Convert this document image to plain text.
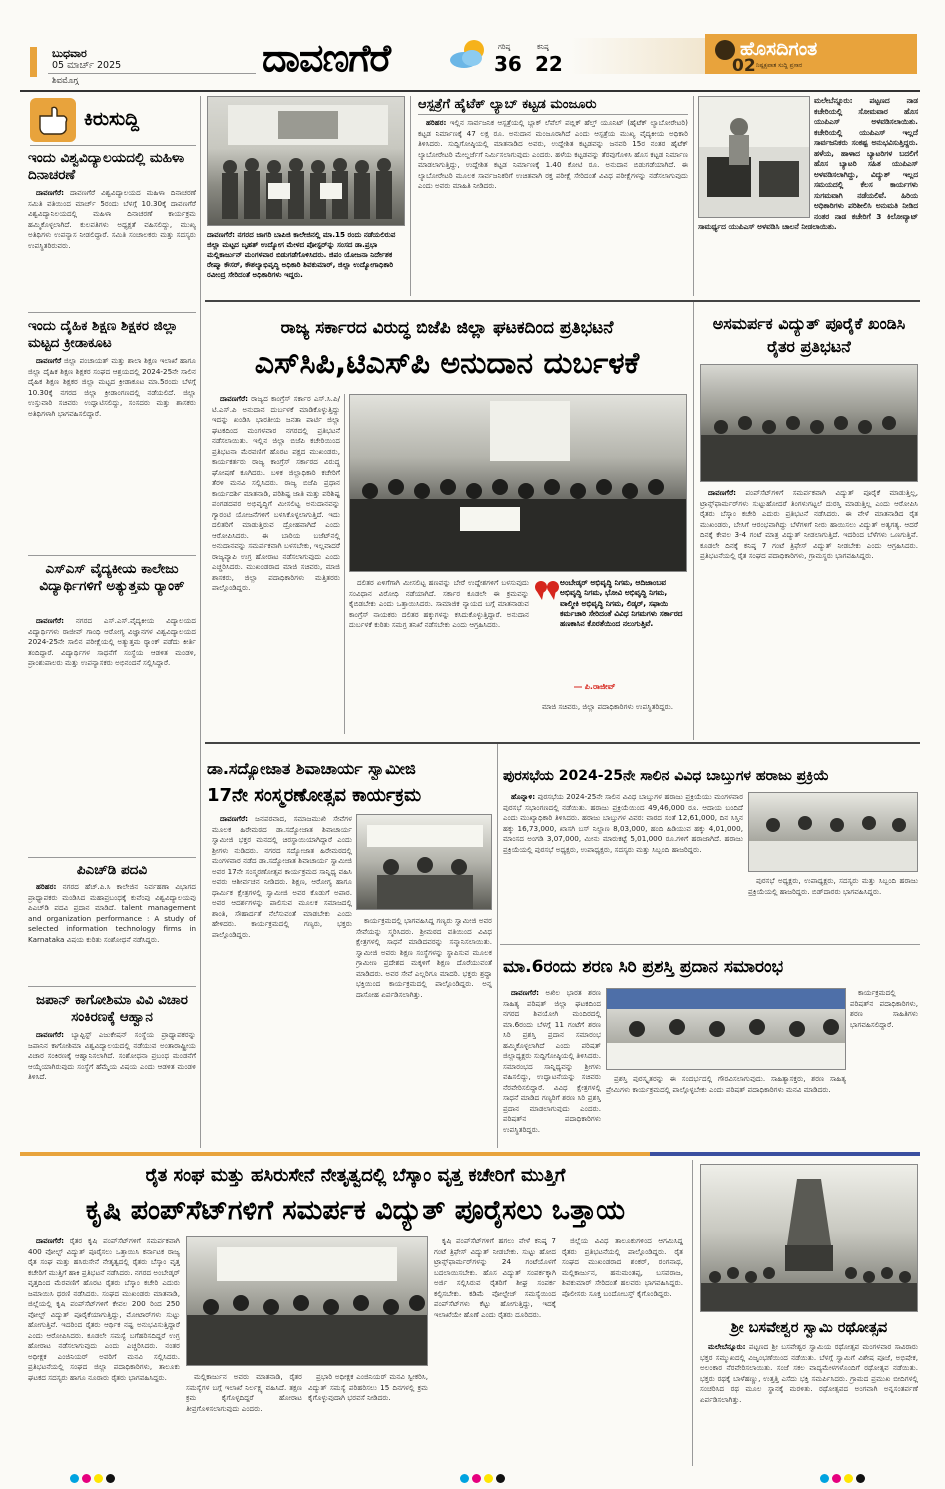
ಬುಧವಾರ
05 ಮಾರ್ಚ್ 2025
ಶಿವಮೊಗ್ಗ
ದಾವಣಗೆರೆ	ಗರಿಷ್ಠ
36
ಕನಿಷ್ಠ
22
ಹೊಸದಿಗಂತ
ನಿಷ್ಪಕ್ಷಪಾತ ಸುದ್ದಿ ಪ್ರಸಾರ
02
ಕಿರುಸುದ್ದಿ
ಇಂದು ವಿಶ್ವವಿದ್ಯಾಲಯದಲ್ಲಿ ಮಹಿಳಾ ದಿನಾಚರಣೆ

ದಾವಣಗೆರೆ: ದಾವಣಗೆರೆ ವಿಶ್ವವಿದ್ಯಾಲಯದ ಮಹಿಳಾ ದಿನಾಚರಣೆ ಸಮಿತಿ ವತಿಯಿಂದ ಮಾರ್ಚ್ 5ರಂದು ಬೆಳಗ್ಗೆ 10.30ಕ್ಕೆ ದಾವಣಗೆರೆ ವಿಶ್ವವಿದ್ಯಾನಿಲಯದಲ್ಲಿ ಮಹಿಳಾ ದಿನಾಚರಣೆ ಕಾರ್ಯಕ್ರಮ ಹಮ್ಮಿಕೊಳ್ಳಲಾಗಿದೆ. ಕುಲಪತಿಗಳು ಅಧ್ಯಕ್ಷತೆ ವಹಿಸಲಿದ್ದು, ಮುಖ್ಯ ಅತಿಥಿಗಳು ಉಪನ್ಯಾಸ ನೀಡಲಿದ್ದಾರೆ. ಸಮಿತಿ ಸಂಚಾಲಕರು ಮತ್ತು ಸದಸ್ಯರು ಉಪಸ್ಥಿತರಿರುವರು.

ಇಂದು ದೈಹಿಕ ಶಿಕ್ಷಣ ಶಿಕ್ಷಕರ ಜಿಲ್ಲಾ ಮಟ್ಟದ ಕ್ರೀಡಾಕೂಟ

ದಾವಣಗೆರೆ ಜಿಲ್ಲಾ ಪಂಚಾಯತ್ ಮತ್ತು ಶಾಲಾ ಶಿಕ್ಷಣ ಇಲಾಖೆ ಹಾಗೂ ಜಿಲ್ಲಾ ದೈಹಿಕ ಶಿಕ್ಷಣ ಶಿಕ್ಷಕರ ಸಂಘದ ಆಶ್ರಯದಲ್ಲಿ 2024-25ನೇ ಸಾಲಿನ ದೈಹಿಕ ಶಿಕ್ಷಣ ಶಿಕ್ಷಕರ ಜಿಲ್ಲಾ ಮಟ್ಟದ ಕ್ರೀಡಾಕೂಟ ಮಾ.5ರಂದು ಬೆಳಗ್ಗೆ 10.30ಕ್ಕೆ ನಗರದ ಜಿಲ್ಲಾ ಕ್ರೀಡಾಂಗಣದಲ್ಲಿ ನಡೆಯಲಿದೆ. ಜಿಲ್ಲಾ ಉಸ್ತುವಾರಿ ಸಚಿವರು ಉದ್ಘಾಟಿಸಲಿದ್ದು, ಸಂಸದರು ಮತ್ತು ಶಾಸಕರು ಅತಿಥಿಗಳಾಗಿ ಭಾಗವಹಿಸಲಿದ್ದಾರೆ.

ಎಸ್‌ಎಸ್ ವೈದ್ಯಕೀಯ ಕಾಲೇಜು ವಿದ್ಯಾರ್ಥಿಗಳಿಗೆ ಅತ್ಯುತ್ತಮ ರ್‍ಯಾಂಕ್

ದಾವಣಗೆರೆ: ನಗರದ ಎಸ್.ಎಸ್.ವೈದ್ಯಕೀಯ ವಿದ್ಯಾಲಯದ ವಿದ್ಯಾರ್ಥಿಗಳು ರಾಜೀವ್ ಗಾಂಧಿ ಆರೋಗ್ಯ ವಿಜ್ಞಾನಗಳ ವಿಶ್ವವಿದ್ಯಾಲಯದ 2024-25ನೇ ಸಾಲಿನ ಪರೀಕ್ಷೆಯಲ್ಲಿ ಅತ್ಯುತ್ತಮ ರ್‍ಯಾಂಕ್ ಪಡೆದು ಕೀರ್ತಿ ತಂದಿದ್ದಾರೆ. ವಿದ್ಯಾರ್ಥಿಗಳ ಸಾಧನೆಗೆ ಸಂಸ್ಥೆಯ ಆಡಳಿತ ಮಂಡಳಿ, ಪ್ರಾಂಶುಪಾಲರು ಮತ್ತು ಉಪನ್ಯಾಸಕರು ಅಭಿನಂದನೆ ಸಲ್ಲಿಸಿದ್ದಾರೆ.

ಪಿಎಚ್‌ಡಿ ಪದವಿ

ಹರಿಹರ: ನಗರದ ಹೆಚ್.ಪಿ.ಸಿ ಕಾಲೇಜಿನ ನಿರ್ವಹಣಾ ವಿಭಾಗದ ಪ್ರಾಧ್ಯಾಪಕರು ಮಂಡಿಸಿದ ಮಹಾಪ್ರಬಂಧಕ್ಕೆ ಕುವೆಂಪು ವಿಶ್ವವಿದ್ಯಾಲಯವು ಪಿಎಚ್‌ಡಿ ಪದವಿ ಪ್ರದಾನ ಮಾಡಿದೆ. talent management and organization performance : A study of selected information technology firms in Karnataka ವಿಷಯ ಕುರಿತು ಸಂಶೋಧನೆ ನಡೆಸಿದ್ದರು.

ಜಪಾನ್ ಕಾಗೋಶಿಮಾ ವಿವಿ ವಿಚಾರ ಸಂಕಿರಣಕ್ಕೆ ಆಹ್ವಾನ

ದಾವಣಗೆರೆ: ಬ್ಯಾಪ್ಟಿಸ್ಟ್ ಎಜುಕೇಷನ್ ಸಂಸ್ಥೆಯ ಪ್ರಾಧ್ಯಾಪಕರನ್ನು ಜಪಾನಿನ ಕಾಗೋಶಿಮಾ ವಿಶ್ವವಿದ್ಯಾಲಯದಲ್ಲಿ ನಡೆಯುವ ಅಂತಾರಾಷ್ಟ್ರೀಯ ವಿಚಾರ ಸಂಕಿರಣಕ್ಕೆ ಆಹ್ವಾನಿಸಲಾಗಿದೆ. ಸಂಶೋಧನಾ ಪ್ರಬಂಧ ಮಂಡನೆಗೆ ಆಯ್ಕೆಯಾಗಿರುವುದು ಸಂಸ್ಥೆಗೆ ಹೆಮ್ಮೆಯ ವಿಷಯ ಎಂದು ಆಡಳಿತ ಮಂಡಳಿ ತಿಳಿಸಿದೆ.

ದಾವಣಗೆರೆ: ನಗರದ ಜಾಗರಿ ಬಾಪಿಜಿ ಕಾಲೇಜಿನಲ್ಲಿ ಮಾ.15 ರಂದು ನಡೆಯಲಿರುವ ಜಿಲ್ಲಾ ಮಟ್ಟದ ಬೃಹತ್ ಉದ್ಯೋಗ ಮೇಳದ ಪೋಸ್ಟರ್‌ನ್ನು ಸಂಸದ ಡಾ.ಪ್ರಭಾ ಮಲ್ಲಿಕಾರ್ಜುನ್ ಮಂಗಳವಾರ ಬಿಡುಗಡೆಗೊಳಿಸಿದರು. ಜಿಪಂ ಯೋಜನಾ ನಿರ್ದೇಶಕ ರೇಷ್ಮಾ ಕೌಸರ್, ಕೌಶಲ್ಯಾಭಿವೃದ್ಧಿ ಅಧಿಕಾರಿ ಶಿವಕುಮಾರ್, ಜಿಲ್ಲಾ ಉದ್ಯೋಗಾಧಿಕಾರಿ ರವೀಂದ್ರ ಸೇರಿದಂತೆ ಅಧಿಕಾರಿಗಳು ಇದ್ದರು.
ಆಸ್ಪತ್ರೆಗೆ ಹೈಟೆಕ್ ಲ್ಯಾಬ್ ಕಟ್ಟಡ ಮಂಜೂರು

ಹರಿಹರ: ಇಲ್ಲಿನ ಸಾರ್ವಜನಿಕ ಆಸ್ಪತ್ರೆಯಲ್ಲಿ ಬ್ಲಾಕ್ ಲೆವೆಲ್ ಪಬ್ಲಿಕ್ ಹೆಲ್ತ್ ಯೂನಿಟ್ (ಹೈಟೆಕ್ ಲ್ಯಾಬೋರೇಟರಿ) ಕಟ್ಟಡ ನಿರ್ಮಾಣಕ್ಕೆ 47 ಲಕ್ಷ ರೂ. ಅನುದಾನ ಮಂಜೂರಾಗಿದೆ ಎಂದು ಆಸ್ಪತ್ರೆಯ ಮುಖ್ಯ ವೈದ್ಯಕೀಯ ಅಧಿಕಾರಿ ತಿಳಿಸಿದರು. ಸುದ್ದಿಗೋಷ್ಠಿಯಲ್ಲಿ ಮಾತನಾಡಿದ ಅವರು, ಉದ್ದೇಶಿತ ಕಟ್ಟಡವನ್ನು ಜನವರಿ 15ರ ನಂತರ ಹೈಟೆಕ್ ಲ್ಯಾಬೋರೇಟರಿ ಮೇಲ್ದರ್ಜೆಗೆ ನಿರ್ಮಿಸಲಾಗುವುದು ಎಂದರು. ಹಳೆಯ ಕಟ್ಟಡವನ್ನು ತೆರವುಗೊಳಿಸಿ ಹೊಸ ಕಟ್ಟಡ ನಿರ್ಮಾಣ ಮಾಡಲಾಗುತ್ತಿದ್ದು, ಉದ್ದೇಶಿತ ಕಟ್ಟಡ ನಿರ್ಮಾಣಕ್ಕೆ 1.40 ಕೋಟಿ ರೂ. ಅನುದಾನ ಬಿಡುಗಡೆಯಾಗಿದೆ. ಈ ಲ್ಯಾಬೋರೇಟರಿ ಮೂಲಕ ಸಾರ್ವಜನಿಕರಿಗೆ ಉಚಿತವಾಗಿ ರಕ್ತ ಪರೀಕ್ಷೆ ಸೇರಿದಂತೆ ವಿವಿಧ ಪರೀಕ್ಷೆಗಳನ್ನು ನಡೆಸಲಾಗುವುದು ಎಂದು ಅವರು ಮಾಹಿತಿ ನೀಡಿದರು.

ಮಲೇಬೆನ್ನೂರು: ಪಟ್ಟಣದ ನಾಡ ಕಚೇರಿಯಲ್ಲಿ ಸೋಮವಾರ ಹೊಸ ಯುಪಿಎಸ್ ಅಳವಡಿಸಲಾಯಿತು. ಕಚೇರಿಯಲ್ಲಿ ಯುಪಿಎಸ್ ಇಲ್ಲದೆ ಸಾರ್ವಜನಿಕರು ಸಂಕಷ್ಟ ಅನುಭವಿಸುತ್ತಿದ್ದರು. ಹಳೆಯ, ಹಾಳಾದ ಬ್ಯಾಟರಿಗಳ ಬದಲಿಗೆ ಹೊಸ ಬ್ಯಾಟರಿ ಸಹಿತ ಯುಪಿಎಸ್ ಅಳವಡಿಸಲಾಗಿದ್ದು, ವಿದ್ಯುತ್ ಇಲ್ಲದ ಸಮಯದಲ್ಲಿ ಕೆಲಸ ಕಾರ್ಯಗಳು ಸುಗಮವಾಗಿ ನಡೆಯಲಿವೆ. ಹಿರಿಯ ಅಧಿಕಾರಿಗಳು ಪರಿಶೀಲಿಸಿ ಅನುಮತಿ ನೀಡಿದ ನಂತರ ನಾಡ ಕಚೇರಿಗೆ 3 ಕಿಲೋವ್ಯಾಟ್ ಸಾಮರ್ಥ್ಯದ ಯುಪಿಎಸ್ ಅಳವಡಿಸಿ ಚಾಲನೆ ನೀಡಲಾಯಿತು.
ರಾಜ್ಯ ಸರ್ಕಾರದ ವಿರುದ್ಧ ಬಿಜೆಪಿ ಜಿಲ್ಲಾ ಘಟಕದಿಂದ ಪ್ರತಿಭಟನೆ
ಎಸ್‌ಸಿಪಿ,ಟಿಎಸ್‌ಪಿ ಅನುದಾನ ದುರ್ಬಳಕೆ

ದಾವಣಗೆರೆ: ರಾಜ್ಯದ ಕಾಂಗ್ರೆಸ್ ಸರ್ಕಾರ ಎಸ್.ಸಿ.ಪಿ/ಟಿ.ಎಸ್.ಪಿ ಅನುದಾನ ದುರ್ಬಳಕೆ ಮಾಡಿಕೊಳ್ಳುತ್ತಿದ್ದು ಇದನ್ನು ಖಂಡಿಸಿ ಭಾರತೀಯ ಜನತಾ ಪಾರ್ಟಿ ಜಿಲ್ಲಾ ಘಟಕದಿಂದ ಮಂಗಳವಾರ ನಗರದಲ್ಲಿ ಪ್ರತಿಭಟನೆ ನಡೆಸಲಾಯಿತು. ಇಲ್ಲಿನ ಜಿಲ್ಲಾ ಬಿಜೆಪಿ ಕಚೇರಿಯಿಂದ ಪ್ರತಿಭಟನಾ ಮೆರವಣಿಗೆ ಹೊರಟ ಪಕ್ಷದ ಮುಖಂಡರು, ಕಾರ್ಯಕರ್ತರು ರಾಜ್ಯ ಕಾಂಗ್ರೆಸ್ ಸರ್ಕಾರದ ವಿರುದ್ಧ ಘೋಷಣೆ ಕೂಗಿದರು. ಬಳಿಕ ಜಿಲ್ಲಾಧಿಕಾರಿ ಕಚೇರಿಗೆ ತೆರಳಿ ಮನವಿ ಸಲ್ಲಿಸಿದರು. ರಾಜ್ಯ ಬಿಜೆಪಿ ಪ್ರಧಾನ ಕಾರ್ಯದರ್ಶಿ ಮಾತನಾಡಿ, ಪರಿಶಿಷ್ಟ ಜಾತಿ ಮತ್ತು ಪರಿಶಿಷ್ಟ ಪಂಗಡದವರ ಅಭಿವೃದ್ಧಿಗೆ ಮೀಸಲಿಟ್ಟ ಅನುದಾನವನ್ನು ಗ್ಯಾರಂಟಿ ಯೋಜನೆಗಳಿಗೆ ಬಳಸಿಕೊಳ್ಳಲಾಗುತ್ತಿದೆ. ಇದು ದಲಿತರಿಗೆ ಮಾಡುತ್ತಿರುವ ದ್ರೋಹವಾಗಿದೆ ಎಂದು ಆರೋಪಿಸಿದರು. ಈ ಬಾರಿಯ ಬಜೆಟ್‌ನಲ್ಲಿ ಅನುದಾನವನ್ನು ಸಮರ್ಪಕವಾಗಿ ಬಳಸಬೇಕು, ಇಲ್ಲವಾದರೆ ರಾಜ್ಯವ್ಯಾಪಿ ಉಗ್ರ ಹೋರಾಟ ನಡೆಸಲಾಗುವುದು ಎಂದು ಎಚ್ಚರಿಸಿದರು. ಮುಖಂಡರಾದ ಮಾಜಿ ಸಚಿವರು, ಮಾಜಿ ಶಾಸಕರು, ಜಿಲ್ಲಾ ಪದಾಧಿಕಾರಿಗಳು ಮತ್ತಿತರರು ಪಾಲ್ಗೊಂಡಿದ್ದರು.

ದಲಿತರ ಏಳಿಗೆಗಾಗಿ ಮೀಸಲಿಟ್ಟ ಹಣವನ್ನು ಬೇರೆ ಉದ್ದೇಶಗಳಿಗೆ ಬಳಸುವುದು ಸಂವಿಧಾನ ವಿರೋಧಿ ನಡೆಯಾಗಿದೆ. ಸರ್ಕಾರ ಕೂಡಲೇ ಈ ಕ್ರಮವನ್ನು ಕೈಬಿಡಬೇಕು ಎಂದು ಒತ್ತಾಯಿಸಿದರು. ಸಾಮಾಜಿಕ ನ್ಯಾಯದ ಬಗ್ಗೆ ಮಾತನಾಡುವ ಕಾಂಗ್ರೆಸ್ ನಾಯಕರು ದಲಿತರ ಹಕ್ಕುಗಳನ್ನು ಕಸಿದುಕೊಳ್ಳುತ್ತಿದ್ದಾರೆ. ಅನುದಾನ ದುರ್ಬಳಕೆ ಕುರಿತು ಸಮಗ್ರ ತನಿಖೆ ನಡೆಸಬೇಕು ಎಂದು ಆಗ್ರಹಿಸಿದರು.

ಅಂಬೇಡ್ಕರ್ ಅಭಿವೃದ್ಧಿ ನಿಗಮ, ಆದಿಜಾಂಬವ ಅಭಿವೃದ್ಧಿ ನಿಗಮ, ಭೋವಿ ಅಭಿವೃದ್ಧಿ ನಿಗಮ, ವಾಲ್ಮೀಕಿ ಅಭಿವೃದ್ಧಿ ನಿಗಮ, ಲಿಡ್ಕರ್, ಸಫಾಯಿ ಕರ್ಮಚಾರಿ ಸೇರಿದಂತೆ ವಿವಿಧ ನಿಗಮಗಳು ಸರ್ಕಾರದ ಹಣಕಾಸಿನ ಕೊರತೆಯಿಂದ ನಲುಗುತ್ತಿವೆ.
― ಪಿ.ರಾಜೀವ್

ಮಾಜಿ ಸಚಿವರು, ಜಿಲ್ಲಾ ಪದಾಧಿಕಾರಿಗಳು ಉಪಸ್ಥಿತರಿದ್ದರು.

ಅಸಮರ್ಪಕ ವಿದ್ಯುತ್ ಪೂರೈಕೆ ಖಂಡಿಸಿ ರೈತರ ಪ್ರತಿಭಟನೆ

ದಾವಣಗೆರೆ: ಪಂಪ್‌ಸೆಟ್‌ಗಳಿಗೆ ಸಮರ್ಪಕವಾಗಿ ವಿದ್ಯುತ್ ಪೂರೈಕೆ ಮಾಡುತ್ತಿಲ್ಲ, ಟ್ರಾನ್ಸ್‌ಫಾರ್ಮರ್‌ಗಳು ಸುಟ್ಟುಹೋದರೆ ತಿಂಗಳುಗಟ್ಟಲೆ ದುರಸ್ತಿ ಮಾಡುತ್ತಿಲ್ಲ ಎಂದು ಆರೋಪಿಸಿ ರೈತರು ಬೆಸ್ಕಾಂ ಕಚೇರಿ ಎದುರು ಪ್ರತಿಭಟನೆ ನಡೆಸಿದರು. ಈ ವೇಳೆ ಮಾತನಾಡಿದ ರೈತ ಮುಖಂಡರು, ಬೇಸಿಗೆ ಆರಂಭವಾಗಿದ್ದು ಬೆಳೆಗಳಿಗೆ ನೀರು ಹಾಯಿಸಲು ವಿದ್ಯುತ್ ಅತ್ಯಗತ್ಯ. ಆದರೆ ದಿನಕ್ಕೆ ಕೇವಲ 3-4 ಗಂಟೆ ಮಾತ್ರ ವಿದ್ಯುತ್ ನೀಡಲಾಗುತ್ತಿದೆ. ಇದರಿಂದ ಬೆಳೆಗಳು ಒಣಗುತ್ತಿವೆ. ಕೂಡಲೇ ದಿನಕ್ಕೆ ಕನಿಷ್ಠ 7 ಗಂಟೆ ತ್ರಿಫೇಸ್ ವಿದ್ಯುತ್ ನೀಡಬೇಕು ಎಂದು ಆಗ್ರಹಿಸಿದರು. ಪ್ರತಿಭಟನೆಯಲ್ಲಿ ರೈತ ಸಂಘದ ಪದಾಧಿಕಾರಿಗಳು, ಗ್ರಾಮಸ್ಥರು ಭಾಗವಹಿಸಿದ್ದರು.

ಡಾ.ಸದ್ಯೋಜಾತ ಶಿವಾಚಾರ್ಯ ಸ್ವಾಮೀಜಿ
17ನೇ ಸಂಸ್ಮರಣೋತ್ಸವ ಕಾರ್ಯಕ್ರಮ

ದಾವಣಗೆರೆ: ಜನಪರವಾದ, ಸಮಾಜಮುಖಿ ಸೇವೆಗಳ ಮೂಲಕ ಹಿರೇಮಠದ ಡಾ.ಸದ್ಯೋಜಾತ ಶಿವಾಚಾರ್ಯ ಸ್ವಾಮೀಜಿ ಭಕ್ತರ ಮನದಲ್ಲಿ ಚಿರಸ್ಥಾಯಿಯಾಗಿದ್ದಾರೆ ಎಂದು ಶ್ರೀಗಳು ನುಡಿದರು. ನಗರದ ಸದ್ಯೋಜಾತ ಹಿರೇಮಠದಲ್ಲಿ ಮಂಗಳವಾರ ನಡೆದ ಡಾ.ಸದ್ಯೋಜಾತ ಶಿವಾಚಾರ್ಯ ಸ್ವಾಮೀಜಿ ಅವರ 17ನೇ ಸಂಸ್ಮರಣೋತ್ಸವ ಕಾರ್ಯಕ್ರಮದ ಸಾನ್ನಿಧ್ಯ ವಹಿಸಿ ಅವರು ಆಶೀರ್ವಚನ ನೀಡಿದರು. ಶಿಕ್ಷಣ, ಆರೋಗ್ಯ ಹಾಗೂ ಧಾರ್ಮಿಕ ಕ್ಷೇತ್ರಗಳಲ್ಲಿ ಸ್ವಾಮೀಜಿ ಅವರ ಕೊಡುಗೆ ಅಪಾರ. ಅವರ ಆದರ್ಶಗಳನ್ನು ಪಾಲಿಸುವ ಮೂಲಕ ಸಮಾಜದಲ್ಲಿ ಶಾಂತಿ, ಸೌಹಾರ್ದತೆ ನೆಲೆಸುವಂತೆ ಮಾಡಬೇಕು ಎಂದು ಹೇಳಿದರು. ಕಾರ್ಯಕ್ರಮದಲ್ಲಿ ಗಣ್ಯರು, ಭಕ್ತರು ಪಾಲ್ಗೊಂಡಿದ್ದರು.

ಕಾರ್ಯಕ್ರಮದಲ್ಲಿ ಭಾಗವಹಿಸಿದ್ದ ಗಣ್ಯರು ಸ್ವಾಮೀಜಿ ಅವರ ಸೇವೆಯನ್ನು ಸ್ಮರಿಸಿದರು. ಶ್ರೀಮಠದ ವತಿಯಿಂದ ವಿವಿಧ ಕ್ಷೇತ್ರಗಳಲ್ಲಿ ಸಾಧನೆ ಮಾಡಿದವರನ್ನು ಸನ್ಮಾನಿಸಲಾಯಿತು. ಸ್ವಾಮೀಜಿ ಅವರು ಶಿಕ್ಷಣ ಸಂಸ್ಥೆಗಳನ್ನು ಸ್ಥಾಪಿಸುವ ಮೂಲಕ ಗ್ರಾಮೀಣ ಪ್ರದೇಶದ ಮಕ್ಕಳಿಗೆ ಶಿಕ್ಷಣ ದೊರೆಯುವಂತೆ ಮಾಡಿದರು. ಅವರ ಸೇವೆ ಎಲ್ಲರಿಗೂ ಮಾದರಿ. ಭಕ್ತರು ಶ್ರದ್ಧಾ ಭಕ್ತಿಯಿಂದ ಕಾರ್ಯಕ್ರಮದಲ್ಲಿ ಪಾಲ್ಗೊಂಡಿದ್ದರು. ಅನ್ನ ದಾಸೋಹ ಏರ್ಪಡಿಸಲಾಗಿತ್ತು.

ಪುರಸಭೆಯ 2024-25ನೇ ಸಾಲಿನ ವಿವಿಧ ಬಾಬ್ತುಗಳ ಹರಾಜು ಪ್ರಕ್ರಿಯೆ

ಹೊನ್ನಾಳಿ: ಪುರಸಭೆಯ 2024-25ನೇ ಸಾಲಿನ ವಿವಿಧ ಬಾಬ್ತುಗಳ ಹರಾಜು ಪ್ರಕ್ರಿಯೆಯು ಮಂಗಳವಾರ ಪುರಸಭೆ ಸಭಾಂಗಣದಲ್ಲಿ ನಡೆಯಿತು. ಹರಾಜು ಪ್ರಕ್ರಿಯೆಯಿಂದ 49,46,000 ರೂ. ಆದಾಯ ಬಂದಿದೆ ಎಂದು ಮುಖ್ಯಾಧಿಕಾರಿ ತಿಳಿಸಿದರು. ಹರಾಜು ಬಾಬ್ತುಗಳ ವಿವರ: ವಾರದ ಸಂತೆ 12,61,000, ದಿನ ಸಿಸ್ತಿನ ಹಕ್ಕು 16,73,000, ಖಾಸಗಿ ಬಸ್ ನಿಲ್ದಾಣ 8,03,000, ಹಂದಿ ಹಿಡಿಯುವ ಹಕ್ಕು 4,01,000, ಮಾಂಸದ ಅಂಗಡಿ 3,07,000, ಮೀನು ಮಾರುಕಟ್ಟೆ 5,01,000 ರೂ.ಗಳಿಗೆ ಹರಾಜಾಗಿದೆ. ಹರಾಜು ಪ್ರಕ್ರಿಯೆಯಲ್ಲಿ ಪುರಸಭೆ ಅಧ್ಯಕ್ಷರು, ಉಪಾಧ್ಯಕ್ಷರು, ಸದಸ್ಯರು ಮತ್ತು ಸಿಬ್ಬಂದಿ ಹಾಜರಿದ್ದರು.

ಪುರಸಭೆ ಅಧ್ಯಕ್ಷರು, ಉಪಾಧ್ಯಕ್ಷರು, ಸದಸ್ಯರು ಮತ್ತು ಸಿಬ್ಬಂದಿ ಹರಾಜು ಪ್ರಕ್ರಿಯೆಯಲ್ಲಿ ಹಾಜರಿದ್ದರು. ಬಿಡ್‌ದಾರರು ಭಾಗವಹಿಸಿದ್ದರು.

ಮಾ.6ರಂದು ಶರಣ ಸಿರಿ ಪ್ರಶಸ್ತಿ ಪ್ರದಾನ ಸಮಾರಂಭ

ದಾವಣಗೆರೆ: ಅಖಿಲ ಭಾರತ ಶರಣ ಸಾಹಿತ್ಯ ಪರಿಷತ್ ಜಿಲ್ಲಾ ಘಟಕದಿಂದ ನಗರದ ಶಿವಯೋಗಿ ಮಂದಿರದಲ್ಲಿ ಮಾ.6ರಂದು ಬೆಳಗ್ಗೆ 11 ಗಂಟೆಗೆ ಶರಣ ಸಿರಿ ಪ್ರಶಸ್ತಿ ಪ್ರದಾನ ಸಮಾರಂಭ ಹಮ್ಮಿಕೊಳ್ಳಲಾಗಿದೆ ಎಂದು ಪರಿಷತ್ ಜಿಲ್ಲಾಧ್ಯಕ್ಷರು ಸುದ್ದಿಗೋಷ್ಠಿಯಲ್ಲಿ ತಿಳಿಸಿದರು. ಸಮಾರಂಭದ ಸಾನ್ನಿಧ್ಯವನ್ನು ಶ್ರೀಗಳು ವಹಿಸಲಿದ್ದು, ಉದ್ಘಾಟನೆಯನ್ನು ಸಚಿವರು ನೆರವೇರಿಸಲಿದ್ದಾರೆ. ವಿವಿಧ ಕ್ಷೇತ್ರಗಳಲ್ಲಿ ಸಾಧನೆ ಮಾಡಿದ ಗಣ್ಯರಿಗೆ ಶರಣ ಸಿರಿ ಪ್ರಶಸ್ತಿ ಪ್ರದಾನ ಮಾಡಲಾಗುವುದು ಎಂದರು. ಪರಿಷತ್‌ನ ಪದಾಧಿಕಾರಿಗಳು ಉಪಸ್ಥಿತರಿದ್ದರು.

ಪ್ರಶಸ್ತಿ ಪುರಸ್ಕೃತರನ್ನು ಈ ಸಂದರ್ಭದಲ್ಲಿ ಗೌರವಿಸಲಾಗುವುದು. ಸಾಹಿತ್ಯಾಸಕ್ತರು, ಶರಣ ಸಾಹಿತ್ಯ ಪ್ರೇಮಿಗಳು ಕಾರ್ಯಕ್ರಮದಲ್ಲಿ ಪಾಲ್ಗೊಳ್ಳಬೇಕು ಎಂದು ಪರಿಷತ್ ಪದಾಧಿಕಾರಿಗಳು ಮನವಿ ಮಾಡಿದರು.

ಕಾರ್ಯಕ್ರಮದಲ್ಲಿ ಪರಿಷತ್‌ನ ಪದಾಧಿಕಾರಿಗಳು, ಶರಣ ಸಾಹಿತಿಗಳು ಭಾಗವಹಿಸಲಿದ್ದಾರೆ.

ರೈತ ಸಂಘ ಮತ್ತು ಹಸಿರುಸೇನೆ ನೇತೃತ್ವದಲ್ಲಿ ಬೆಸ್ಕಾಂ ವೃತ್ತ ಕಚೇರಿಗೆ ಮುತ್ತಿಗೆ
ಕೃಷಿ ಪಂಪ್‌ಸೆಟ್‌ಗಳಿಗೆ ಸಮರ್ಪಕ ವಿದ್ಯುತ್ ಪೂರೈಸಲು ಒತ್ತಾಯ

ದಾವಣಗೆರೆ: ರೈತರ ಕೃಷಿ ಪಂಪ್‌ಸೆಟ್‌ಗಳಿಗೆ ಸಮರ್ಪಕವಾಗಿ 400 ವೋಲ್ಟ್ ವಿದ್ಯುತ್ ಪೂರೈಸಲು ಒತ್ತಾಯಿಸಿ ಕರ್ನಾಟಕ ರಾಜ್ಯ ರೈತ ಸಂಘ ಮತ್ತು ಹಸಿರುಸೇನೆ ನೇತೃತ್ವದಲ್ಲಿ ರೈತರು ಬೆಸ್ಕಾಂ ವೃತ್ತ ಕಚೇರಿಗೆ ಮುತ್ತಿಗೆ ಹಾಕಿ ಪ್ರತಿಭಟನೆ ನಡೆಸಿದರು. ನಗರದ ಅಂಬೇಡ್ಕರ್ ವೃತ್ತದಿಂದ ಮೆರವಣಿಗೆ ಹೊರಟ ರೈತರು ಬೆಸ್ಕಾಂ ಕಚೇರಿ ಎದುರು ಜಮಾಯಿಸಿ ಧರಣಿ ನಡೆಸಿದರು. ಸಂಘದ ಮುಖಂಡರು ಮಾತನಾಡಿ, ಜಿಲ್ಲೆಯಲ್ಲಿ ಕೃಷಿ ಪಂಪ್‌ಸೆಟ್‌ಗಳಿಗೆ ಕೇವಲ 200 ರಿಂದ 250 ವೋಲ್ಟ್ ವಿದ್ಯುತ್ ಪೂರೈಕೆಯಾಗುತ್ತಿದ್ದು, ಮೋಟಾರ್‌ಗಳು ಸುಟ್ಟು ಹೋಗುತ್ತಿವೆ. ಇದರಿಂದ ರೈತರು ಆರ್ಥಿಕ ನಷ್ಟ ಅನುಭವಿಸುತ್ತಿದ್ದಾರೆ ಎಂದು ಆರೋಪಿಸಿದರು. ಕೂಡಲೇ ಸಮಸ್ಯೆ ಬಗೆಹರಿಸದಿದ್ದರೆ ಉಗ್ರ ಹೋರಾಟ ನಡೆಸಲಾಗುವುದು ಎಂದು ಎಚ್ಚರಿಸಿದರು. ನಂತರ ಅಧೀಕ್ಷಕ ಎಂಜಿನಿಯರ್ ಅವರಿಗೆ ಮನವಿ ಸಲ್ಲಿಸಿದರು. ಪ್ರತಿಭಟನೆಯಲ್ಲಿ ಸಂಘದ ಜಿಲ್ಲಾ ಪದಾಧಿಕಾರಿಗಳು, ತಾಲೂಕು ಘಟಕದ ಸದಸ್ಯರು ಹಾಗೂ ನೂರಾರು ರೈತರು ಭಾಗವಹಿಸಿದ್ದರು.	ಮಲ್ಲಿಕಾರ್ಜುನ ಅವರು ಮಾತನಾಡಿ, ರೈತರ ಸಮಸ್ಯೆಗಳ ಬಗ್ಗೆ ಇಲಾಖೆ ನಿರ್ಲಕ್ಷ್ಯ ವಹಿಸಿದೆ. ತಕ್ಷಣ ಕ್ರಮ ಕೈಗೊಳ್ಳದಿದ್ದರೆ ಹೋರಾಟ ತೀವ್ರಗೊಳಿಸಲಾಗುವುದು ಎಂದರು.

ಪ್ರಭಾರಿ ಅಧೀಕ್ಷಕ ಎಂಜಿನಿಯರ್ ಮನವಿ ಸ್ವೀಕರಿಸಿ, ವಿದ್ಯುತ್ ಸಮಸ್ಯೆ ಪರಿಹರಿಸಲು 15 ದಿನಗಳಲ್ಲಿ ಕ್ರಮ ಕೈಗೊಳ್ಳುವುದಾಗಿ ಭರವಸೆ ನೀಡಿದರು.

ಕೃಷಿ ಪಂಪ್‌ಸೆಟ್‌ಗಳಿಗೆ ಹಗಲು ವೇಳೆ ಕನಿಷ್ಠ 7 ಗಂಟೆ ತ್ರಿಫೇಸ್ ವಿದ್ಯುತ್ ನೀಡಬೇಕು. ಸುಟ್ಟು ಹೋದ ಟ್ರಾನ್ಸ್‌ಫಾರ್ಮರ್‌ಗಳನ್ನು 24 ಗಂಟೆಯೊಳಗೆ ಬದಲಾಯಿಸಬೇಕು. ಹೊಸ ವಿದ್ಯುತ್ ಸಂಪರ್ಕಕ್ಕಾಗಿ ಅರ್ಜಿ ಸಲ್ಲಿಸಿರುವ ರೈತರಿಗೆ ಶೀಘ್ರ ಸಂಪರ್ಕ ಕಲ್ಪಿಸಬೇಕು. ಕಡಿಮೆ ವೋಲ್ಟೇಜ್ ಸಮಸ್ಯೆಯಿಂದ ಪಂಪ್‌ಸೆಟ್‌ಗಳು ಕೆಟ್ಟು ಹೋಗುತ್ತಿದ್ದು, ಇದಕ್ಕೆ ಇಲಾಖೆಯೇ ಹೊಣೆ ಎಂದು ರೈತರು ದೂರಿದರು.

ಜಿಲ್ಲೆಯ ವಿವಿಧ ತಾಲೂಕುಗಳಿಂದ ಆಗಮಿಸಿದ್ದ ರೈತರು ಪ್ರತಿಭಟನೆಯಲ್ಲಿ ಪಾಲ್ಗೊಂಡಿದ್ದರು. ರೈತ ಸಂಘದ ಮುಖಂಡರಾದ ಶಂಕರ್, ರಂಗನಾಥ, ಮಲ್ಲಿಕಾರ್ಜುನ, ಹನುಮಂತಪ್ಪ, ಬಸವರಾಜ, ಶಿವಕುಮಾರ್ ಸೇರಿದಂತೆ ಹಲವರು ಭಾಗವಹಿಸಿದ್ದರು. ಪೊಲೀಸರು ಸೂಕ್ತ ಬಂದೋಬಸ್ತ್ ಕೈಗೊಂಡಿದ್ದರು.

ಶ್ರೀ ಬಸವೇಶ್ವರ ಸ್ವಾಮಿ ರಥೋತ್ಸವ

ಮಲೇಬೆನ್ನೂರು: ಪಟ್ಟಣದ ಶ್ರೀ ಬಸವೇಶ್ವರ ಸ್ವಾಮಿಯ ರಥೋತ್ಸವ ಮಂಗಳವಾರ ಸಾವಿರಾರು ಭಕ್ತರ ಸಮ್ಮುಖದಲ್ಲಿ ವಿಜೃಂಭಣೆಯಿಂದ ನಡೆಯಿತು. ಬೆಳಗ್ಗೆ ಸ್ವಾಮಿಗೆ ವಿಶೇಷ ಪೂಜೆ, ಅಭಿಷೇಕ, ಅಲಂಕಾರ ನೆರವೇರಿಸಲಾಯಿತು. ಸಂಜೆ ಸಕಲ ವಾದ್ಯಮೇಳಗಳೊಂದಿಗೆ ರಥೋತ್ಸವ ನಡೆಯಿತು. ಭಕ್ತರು ರಥಕ್ಕೆ ಬಾಳೆಹಣ್ಣು, ಉತ್ತತ್ತಿ ಎಸೆದು ಭಕ್ತಿ ಸಮರ್ಪಿಸಿದರು. ಗ್ರಾಮದ ಪ್ರಮುಖ ಬೀದಿಗಳಲ್ಲಿ ಸಂಚರಿಸಿದ ರಥ ಮೂಲ ಸ್ಥಾನಕ್ಕೆ ಮರಳಿತು. ರಥೋತ್ಸವದ ಅಂಗವಾಗಿ ಅನ್ನಸಂತರ್ಪಣೆ ಏರ್ಪಡಿಸಲಾಗಿತ್ತು.
